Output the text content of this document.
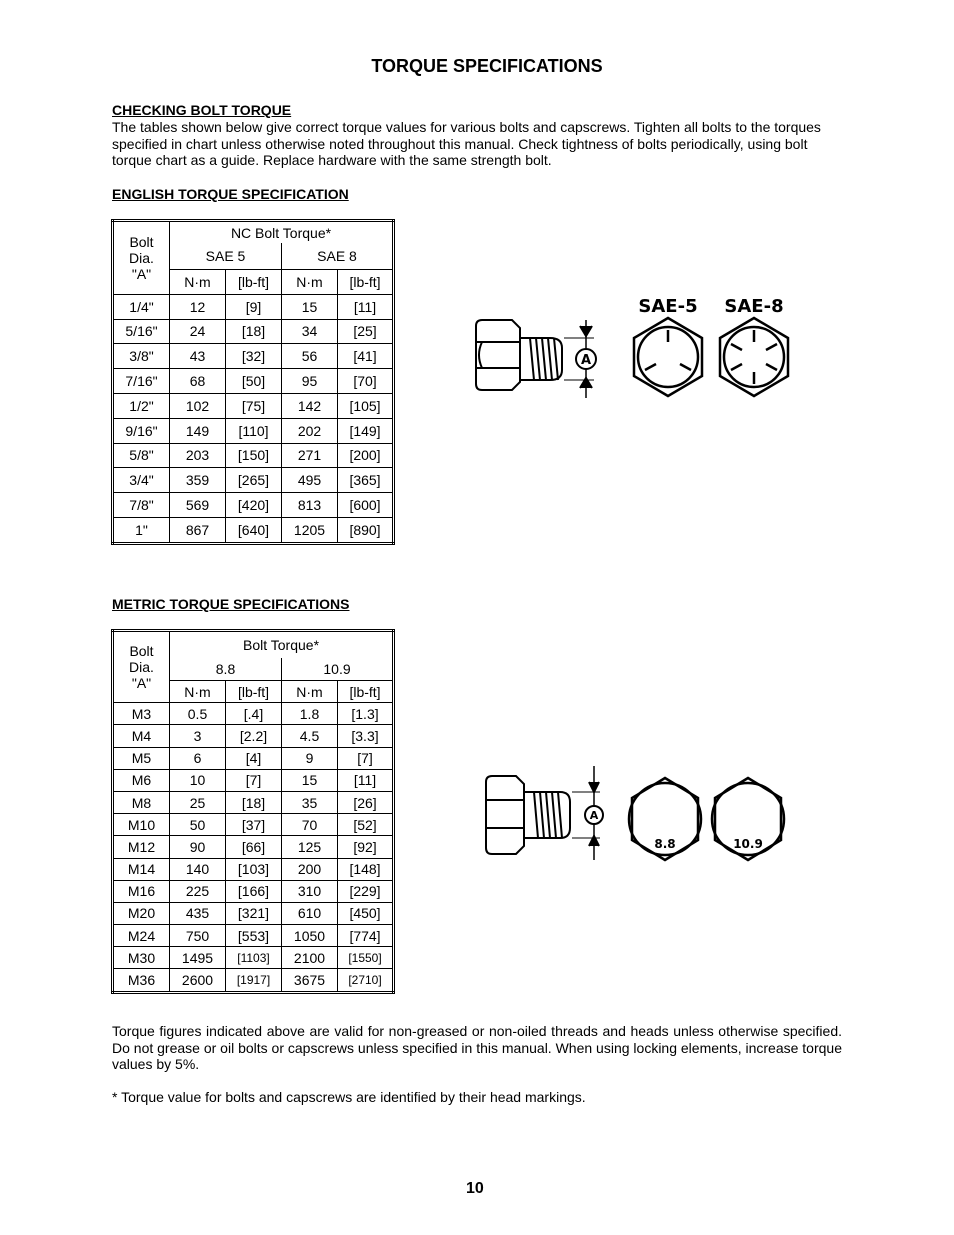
TORQUE SPECIFICATIONS
CHECKING BOLT TORQUE
The tables shown below give correct torque values for various bolts and capscrews. Tighten all bolts to the torques specified in chart unless otherwise noted throughout this manual. Check tightness of bolts periodically, using bolt torque chart as a guide. Replace hardware with the same strength bolt.
ENGLISH TORQUE SPECIFICATION
Bolt Dia. "A"	NC Bolt Torque*			
	SAE 5		SAE 8	
	N·m	[lb-ft]	N·m	[lb-ft]
1/4"	12	[9]	15	[11]
5/16"	24	[18]	34	[25]
3/8"	43	[32]	56	[41]
7/16"	68	[50]	95	[70]
1/2"	102	[75]	142	[105]
9/16"	149	[110]	202	[149]
5/8"	203	[150]	271	[200]
3/4"	359	[265]	495	[365]
7/8"	569	[420]	813	[600]
1"	867	[640]	1205	[890]
A
SAE-5 SAE-8
METRIC TORQUE SPECIFICATIONS
Bolt Dia. "A"	Bolt Torque*			
	8.8		10.9	
	N·m	[lb-ft]	N·m	[lb-ft]
M3	0.5	[.4]	1.8	[1.3]
M4	3	[2.2]	4.5	[3.3]
M5	6	[4]	9	[7]
M6	10	[7]	15	[11]
M8	25	[18]	35	[26]
M10	50	[37]	70	[52]
M12	90	[66]	125	[92]
M14	140	[103]	200	[148]
M16	225	[166]	310	[229]
M20	435	[321]	610	[450]
M24	750	[553]	1050	[774]
M30	1495	[1103]	2100	[1550]
M36	2600	[1917]	3675	[2710]
A
8.8	10.9
Torque figures indicated above are valid for non-greased or non-oiled threads and heads unless otherwise specified. Do not grease or oil bolts or capscrews unless specified in this manual. When using locking elements, increase torque values by 5%.
* Torque value for bolts and capscrews are identified by their head markings.
10
